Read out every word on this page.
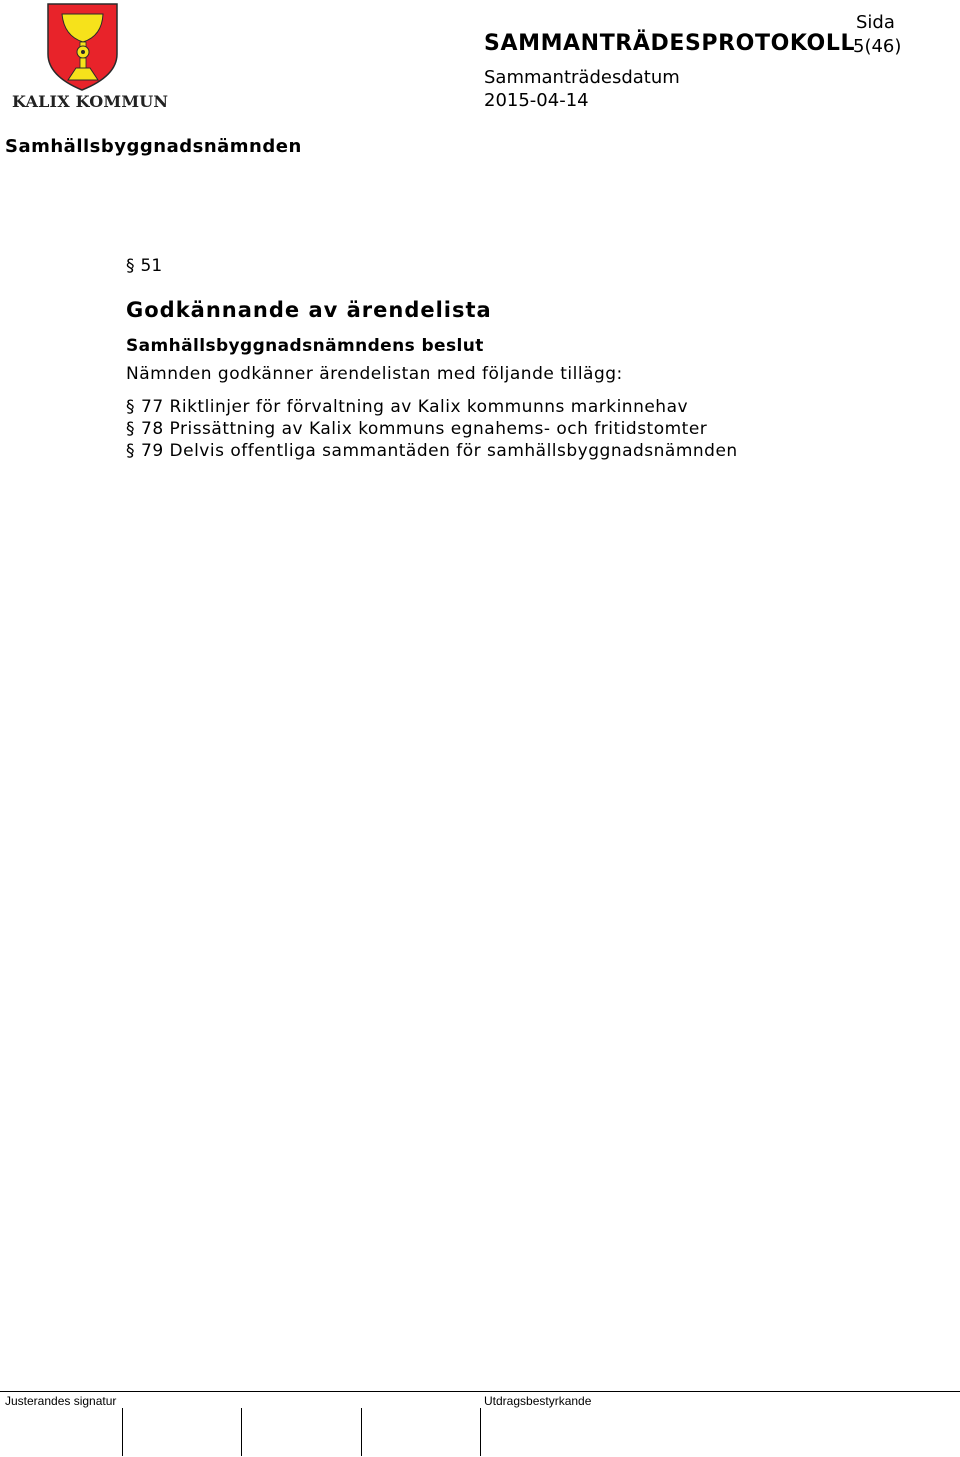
KALIX KOMMUN
SAMMANTRÄDESPROTOKOLL
Sida
5(46)
Sammanträdesdatum
2015-04-14
Samhällsbyggnadsnämnden
§ 51
Godkännande av ärendelista
Samhällsbyggnadsnämndens beslut
Nämnden godkänner ärendelistan med följande tillägg:
§ 77 Riktlinjer för förvaltning av Kalix kommunns markinnehav
§ 78 Prissättning av Kalix kommuns egnahems- och fritidstomter
§ 79 Delvis offentliga sammantäden för samhällsbyggnadsnämnden
Justerandes signatur	Utdragsbestyrkande
